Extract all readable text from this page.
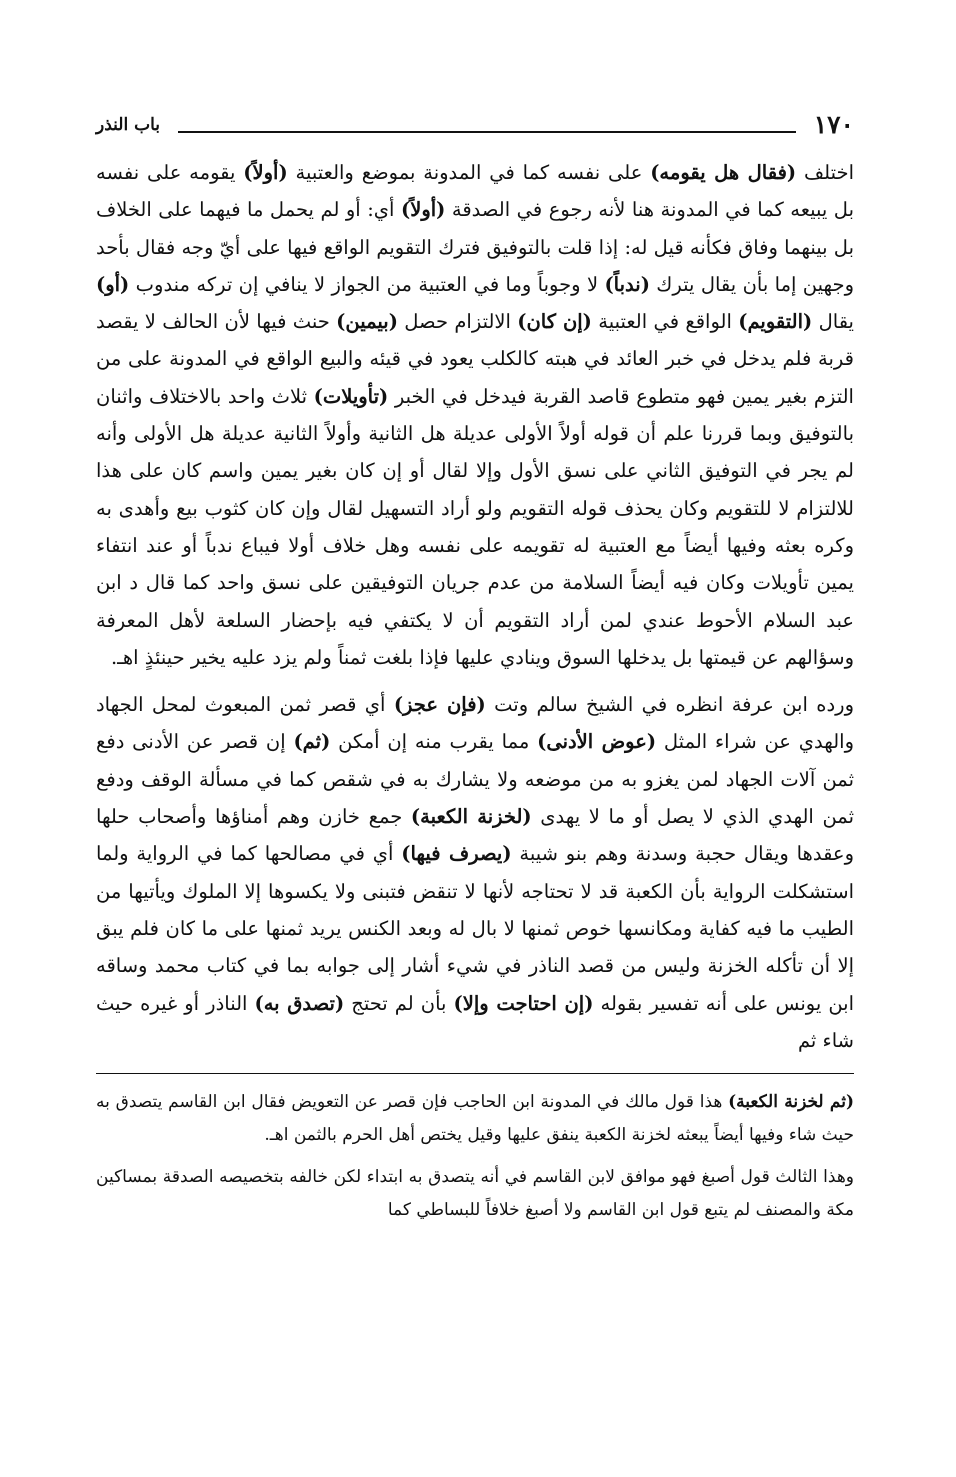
١٧٠
باب النذر

اختلف (فقال هل يقومه) على نفسه كما في المدونة بموضع والعتبية (أولاً) يقومه على نفسه بل يبيعه كما في المدونة هنا لأنه رجوع في الصدقة (أولاً) أي: أو لم يحمل ما فيهما على الخلاف بل بينهما وفاق فكأنه قيل له: إذا قلت بالتوفيق فترك التقويم الواقع فيها على أيّ وجه فقال بأحد وجهين إما بأن يقال يترك (ندباً) لا وجوباً وما في العتبية من الجواز لا ينافي إن تركه مندوب (أو) يقال (التقويم) الواقع في العتبية (إن كان) الالتزام حصل (بيمين) حنث فيها لأن الحالف لا يقصد قربة فلم يدخل في خبر العائد في هبته كالكلب يعود في قيئه والبيع الواقع في المدونة على من التزم بغير يمين فهو متطوع قاصد القربة فيدخل في الخبر (تأويلات) ثلاث واحد بالاختلاف واثنان بالتوفيق وبما قررنا علم أن قوله أولاً الأولى عديلة هل الثانية وأولاً الثانية عديلة هل الأولى وأنه لم يجر في التوفيق الثاني على نسق الأول وإلا لقال أو إن كان بغير يمين واسم كان على هذا للالتزام لا للتقويم وكان يحذف قوله التقويم ولو أراد التسهيل لقال وإن كان كثوب بيع وأهدى به وكره بعثه وفيها أيضاً مع العتبية له تقويمه على نفسه وهل خلاف أولا فيباع ندباً أو عند انتفاء يمين تأويلات وكان فيه أيضاً السلامة من عدم جريان التوفيقين على نسق واحد كما قال د ابن عبد السلام الأحوط عندي لمن أراد التقويم أن لا يكتفي فيه بإحضار السلعة لأهل المعرفة وسؤالهم عن قيمتها بل يدخلها السوق وينادي عليها فإذا بلغت ثمناً ولم يزد عليه يخير حينئذٍ اهـ.

ورده ابن عرفة انظره في الشيخ سالم وتت (فإن عجز) أي قصر ثمن المبعوث لمحل الجهاد والهدي عن شراء المثل (عوض الأدنى) مما يقرب منه إن أمكن (ثم) إن قصر عن الأدنى دفع ثمن آلات الجهاد لمن يغزو به من موضعه ولا يشارك به في شقص كما في مسألة الوقف ودفع ثمن الهدي الذي لا يصل أو ما لا يهدى (لخزنة الكعبة) جمع خازن وهم أمناؤها وأصحاب حلها وعقدها ويقال حجبة وسدنة وهم بنو شيبة (يصرف فيها) أي في مصالحها كما في الرواية ولما استشكلت الرواية بأن الكعبة قد لا تحتاجه لأنها لا تنقض فتبنى ولا يكسوها إلا الملوك ويأتيها من الطيب ما فيه كفاية ومكانسها خوص ثمنها لا بال له وبعد الكنس يريد ثمنها على ما كان فلم يبق إلا أن تأكله الخزنة وليس من قصد الناذر في شيء أشار إلى جوابه بما في كتاب محمد وساقه ابن يونس على أنه تفسير بقوله (إن احتاجت وإلا) بأن لم تحتج (تصدق به) الناذر أو غيره حيث شاء ثم

(ثم لخزنة الكعبة) هذا قول مالك في المدونة ابن الحاجب فإن قصر عن التعويض فقال ابن القاسم يتصدق به حيث شاء وفيها أيضاً يبعثه لخزنة الكعبة ينفق عليها وقيل يختص أهل الحرم بالثمن اهـ.

وهذا الثالث قول أصبغ فهو موافق لابن القاسم في أنه يتصدق به ابتداء لكن خالفه بتخصيصه الصدقة بمساكين مكة والمصنف لم يتبع قول ابن القاسم ولا أصبغ خلافاً للبساطي كما
